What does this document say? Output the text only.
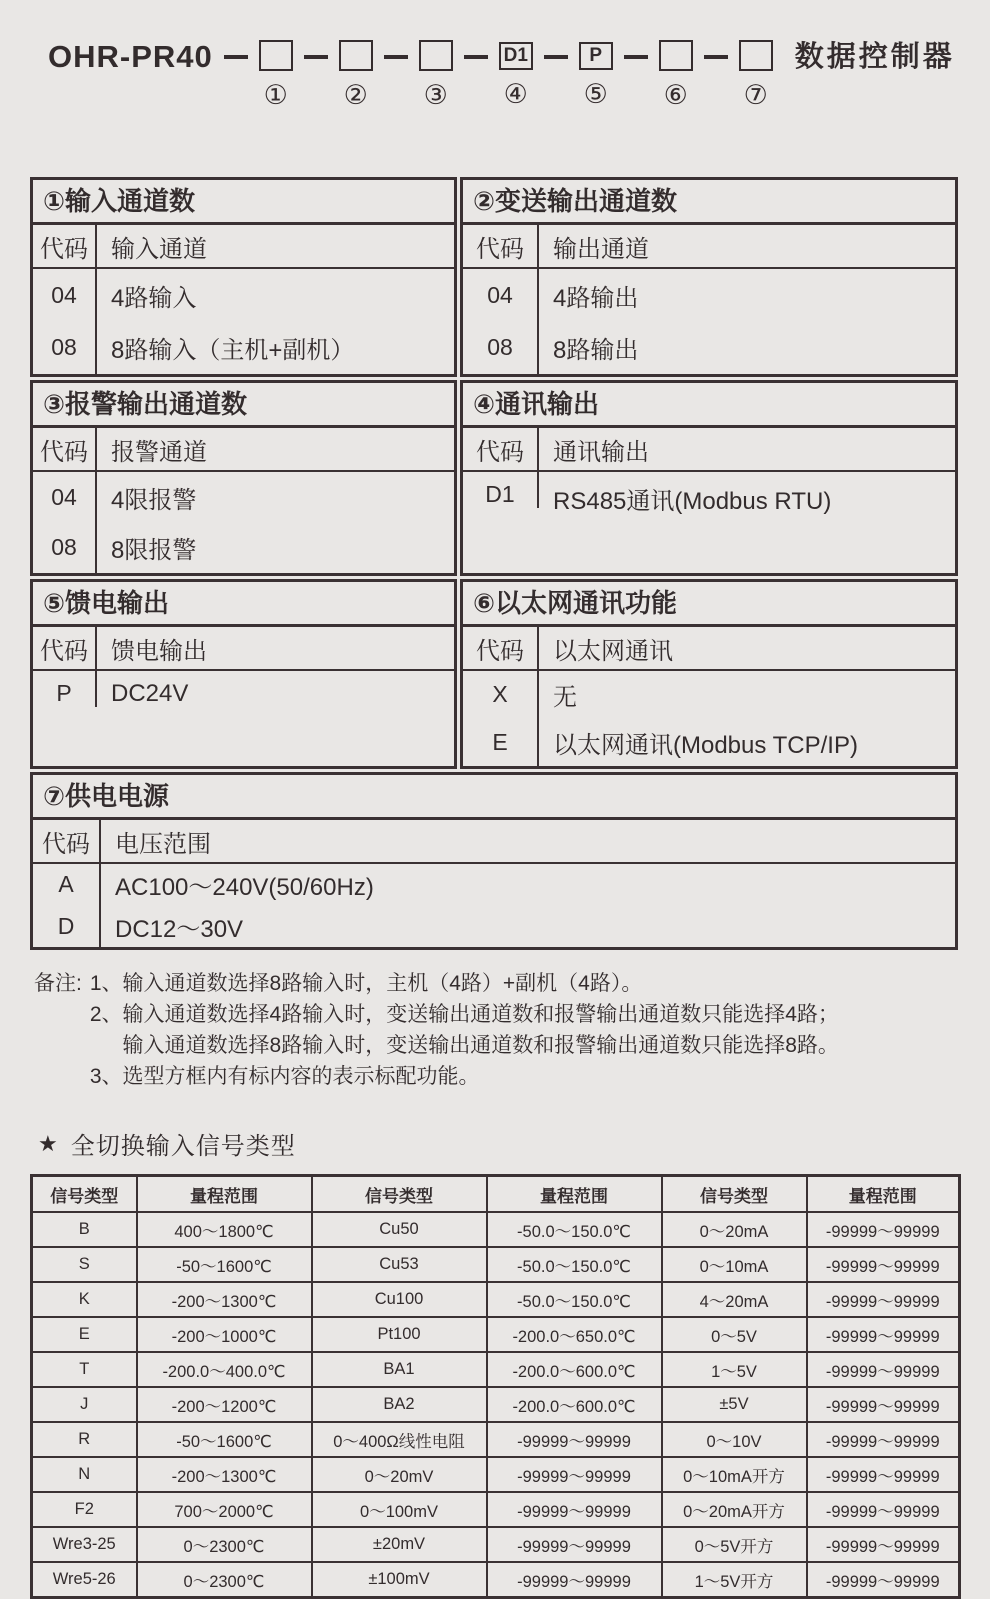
OHR-PR40
① ② ③
D1
④
P
⑤ ⑥ ⑦
数据控制器
①输入通道数
代码 输入通道
04	4路输入
08	8路输入（主机+副机）
②变送输出通道数
代码	输出通道
04	4路输出
08	8路输出
③报警输出通道数
代码 报警通道
04	4限报警
08	8限报警
④通讯输出
代码	通讯输出
D1	RS485通讯(Modbus RTU)
⑤馈电输出
代码 馈电输出
P	DC24V
⑥以太网通讯功能
代码	以太网通讯
X	无
E	以太网通讯(Modbus TCP/IP)
⑦供电电源
代码	电压范围
A	AC100～240V(50/60Hz)
D	DC12～30V
备注: 1、 输入通道数选择8路输入时，主机（4路）+副机（4路）。
2、 输入通道数选择4路输入时，变送输出通道数和报警输出通道数只能选择4路；
输入通道数选择8路输入时，变送输出通道数和报警输出通道数只能选择8路。
3、 选型方框内有标内容的表示标配功能。
★ 全切换输入信号类型
信号类型	量程范围	信号类型	量程范围	信号类型	量程范围
B	400～1800℃	Cu50	-50.0～150.0℃	0～20mA	-99999～99999
S	-50～1600℃	Cu53	-50.0～150.0℃	0～10mA	-99999～99999
K	-200～1300℃	Cu100	-50.0～150.0℃	4～20mA	-99999～99999
E	-200～1000℃	Pt100	-200.0～650.0℃	0～5V	-99999～99999
T	-200.0～400.0℃	BA1	-200.0～600.0℃	1～5V	-99999～99999
J	-200～1200℃	BA2	-200.0～600.0℃	±5V	-99999～99999
R	-50～1600℃	0～400Ω线性电阻	-99999～99999	0～10V	-99999～99999
N	-200～1300℃	0～20mV	-99999～99999	0～10mA开方	-99999～99999
F2	700～2000℃	0～100mV	-99999～99999	0～20mA开方	-99999～99999
Wre3-25	0～2300℃	±20mV	-99999～99999	0～5V开方	-99999～99999
Wre5-26	0～2300℃	±100mV	-99999～99999	1～5V开方	-99999～99999
